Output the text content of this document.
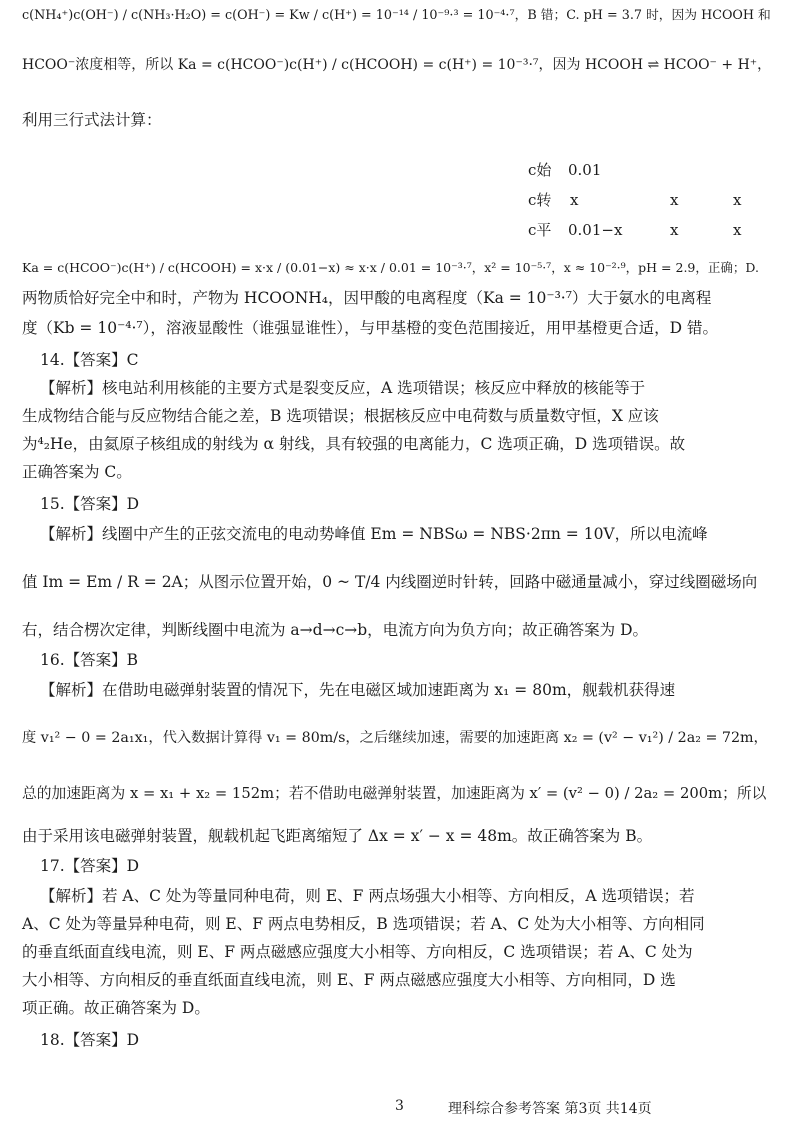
c(NH₄⁺)c(OH⁻) / c(NH₃·H₂O) = c(OH⁻) = Kw / c(H⁺) = 10⁻¹⁴ / 10⁻⁹·³ = 10⁻⁴·⁷，B 错；C. pH = 3.7 时，因为 HCOOH 和
HCOO⁻浓度相等，所以 Ka = c(HCOO⁻)c(H⁺) / c(HCOOH) = c(H⁺) = 10⁻³·⁷，因为 HCOOH ⇌ HCOO⁻ + H⁺，
利用三行式法计算：
c始 0.01
c转 x	x	x
c平 0.01−x	x	x
Ka = c(HCOO⁻)c(H⁺) / c(HCOOH) = x·x / (0.01−x) ≈ x·x / 0.01 = 10⁻³·⁷，x² = 10⁻⁵·⁷，x ≈ 10⁻²·⁹，pH = 2.9，正确；D.
两物质恰好完全中和时，产物为 HCOONH₄，因甲酸的电离程度（Ka = 10⁻³·⁷）大于氨水的电离程
度（Kb = 10⁻⁴·⁷），溶液显酸性（谁强显谁性），与甲基橙的变色范围接近，用甲基橙更合适，D 错。
14.【答案】C
【解析】核电站利用核能的主要方式是裂变反应，A 选项错误；核反应中释放的核能等于
生成物结合能与反应物结合能之差，B 选项错误；根据核反应中电荷数与质量数守恒，X 应该
为⁴₂He，由氦原子核组成的射线为 α 射线，具有较强的电离能力，C 选项正确，D 选项错误。故
正确答案为 C。
15.【答案】D
【解析】线圈中产生的正弦交流电的电动势峰值 Em = NBSω = NBS·2πn = 10V，所以电流峰
值 Im = Em / R = 2A；从图示位置开始，0 ~ T/4 内线圈逆时针转，回路中磁通量减小，穿过线圈磁场向
右，结合楞次定律，判断线圈中电流为 a→d→c→b，电流方向为负方向；故正确答案为 D。
16.【答案】B
【解析】在借助电磁弹射装置的情况下，先在电磁区域加速距离为 x₁ = 80m，舰载机获得速
度 v₁² − 0 = 2a₁x₁，代入数据计算得 v₁ = 80m/s，之后继续加速，需要的加速距离 x₂ = (v² − v₁²) / 2a₂ = 72m，
总的加速距离为 x = x₁ + x₂ = 152m；若不借助电磁弹射装置，加速距离为 x′ = (v² − 0) / 2a₂ = 200m；所以
由于采用该电磁弹射装置，舰载机起飞距离缩短了 Δx = x′ − x = 48m。故正确答案为 B。
17.【答案】D
【解析】若 A、C 处为等量同种电荷，则 E、F 两点场强大小相等、方向相反，A 选项错误；若
A、C 处为等量异种电荷，则 E、F 两点电势相反，B 选项错误；若 A、C 处为大小相等、方向相同
的垂直纸面直线电流，则 E、F 两点磁感应强度大小相等、方向相反，C 选项错误；若 A、C 处为
大小相等、方向相反的垂直纸面直线电流，则 E、F 两点磁感应强度大小相等、方向相同，D 选
项正确。故正确答案为 D。
18.【答案】D
3	理科综合参考答案 第3页 共14页
